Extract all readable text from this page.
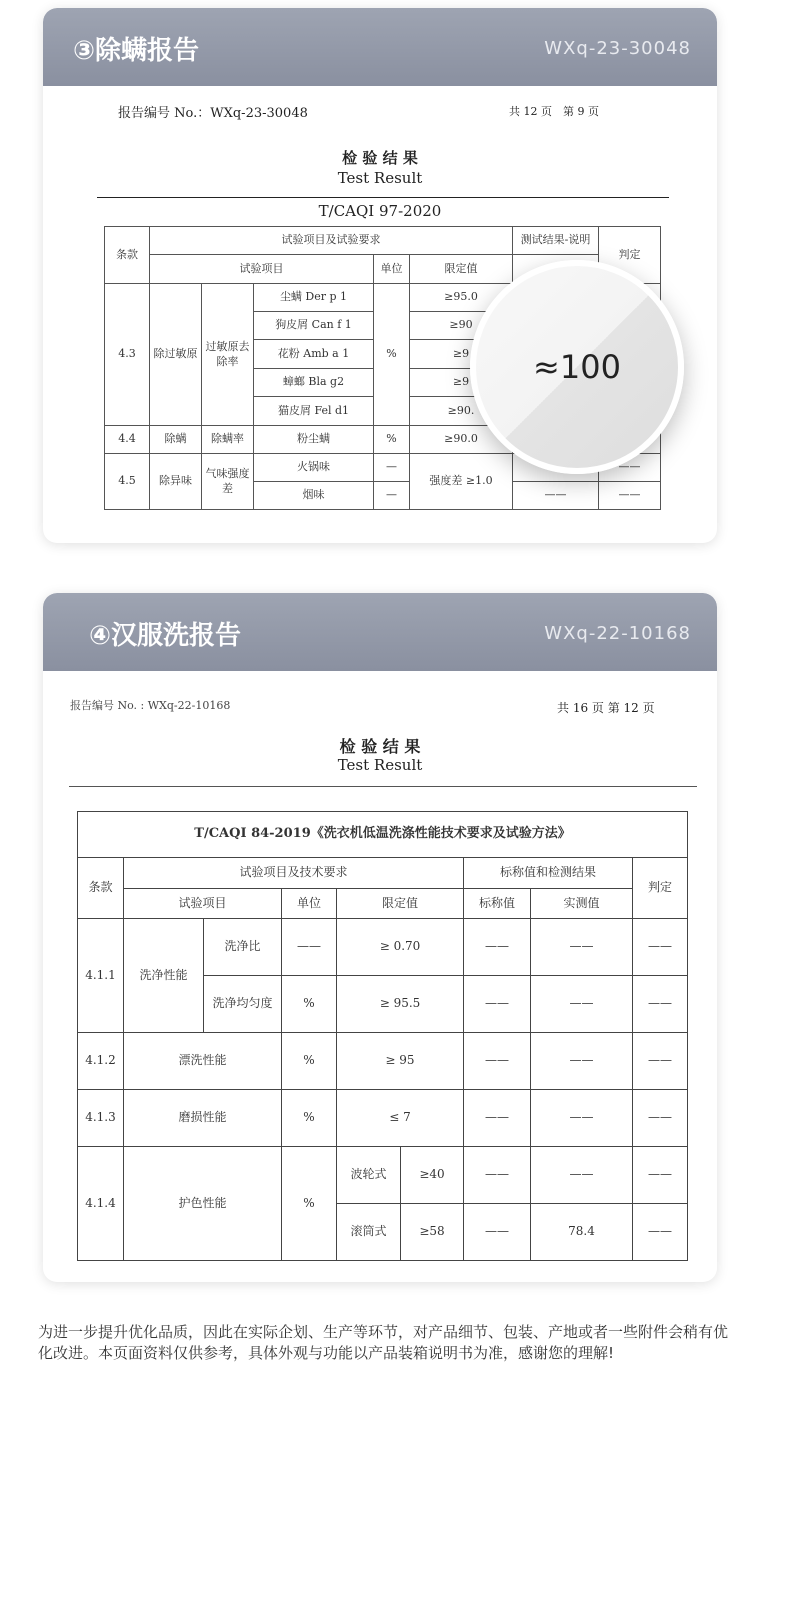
③除螨报告	WXq-23-30048
报告编号 No.：WXq-23-30048	共 12 页　第 9 页
检 验 结 果
Test Result
T/CAQI 97-2020
条款	试验项目及试验要求					测试结果-说明	判定
	试验项目			单位	限定值		
4.3	除过敏原	过敏原去除率	尘螨 Der p 1	%	≥95.0		
			狗皮屑 Can f 1		≥90		
			花粉 Amb a 1		≥9		
			蟑螂 Bla g2		≥9		
			猫皮屑 Fel d1		≥90.		
4.4	除螨	除螨率	粉尘螨	%	≥90.0		
4.5	除异味	气味强度差	火锅味	—	强度差 ≥1.0		——
			烟味	—		——	——
≈100
④汉服洗报告	WXq-22-10168
报告编号 No. : WXq-22-10168	共 16 页 第 12 页
检 验 结 果
Test Result
T/CAQI 84-2019《洗衣机低温洗涤性能技术要求及试验方法》								
条款	试验项目及技术要求					标称值和检测结果		判定
	试验项目		单位	限定值		标称值	实测值	
4.1.1	洗净性能	洗净比	——	≥ 0.70		——	——	——
		洗净均匀度	%	≥ 95.5		——	——	——
4.1.2	漂洗性能		%	≥ 95		——	——	——
4.1.3	磨损性能		%	≤ 7		——	——	——
4.1.4	护色性能		%	波轮式	≥40	——	——	——
				滚筒式	≥58	——	78.4	——
为进一步提升优化品质，因此在实际企划、生产等环节，对产品细节、包装、产地或者一些附件会稍有优化改进。本页面资料仅供参考，具体外观与功能以产品装箱说明书为准，感谢您的理解!
